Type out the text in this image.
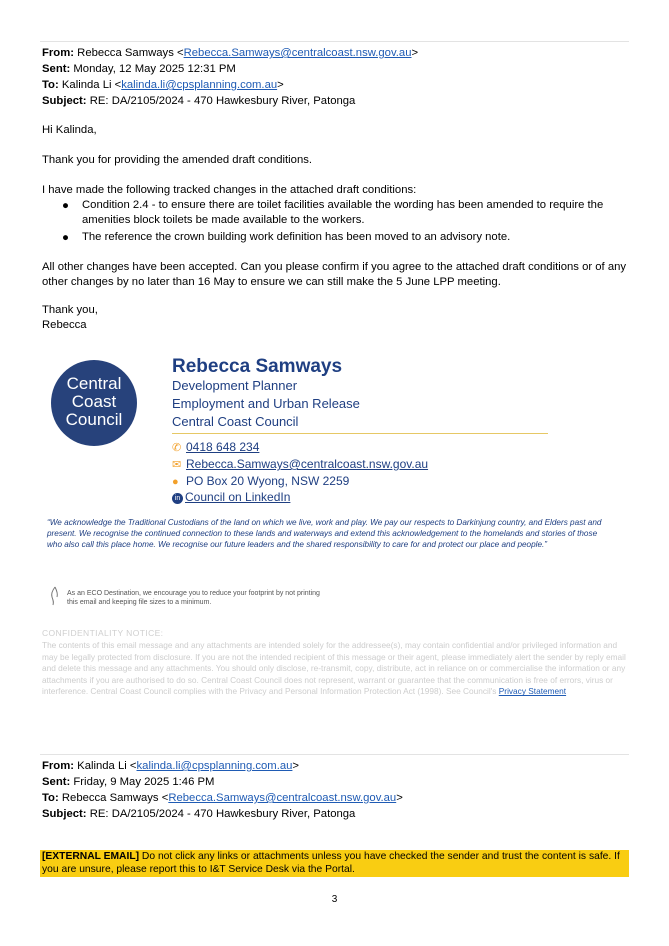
From: Rebecca Samways <Rebecca.Samways@centralcoast.nsw.gov.au>
Sent: Monday, 12 May 2025 12:31 PM
To: Kalinda Li <kalinda.li@cpsplanning.com.au>
Subject: RE: DA/2105/2024 - 470 Hawkesbury River, Patonga
Hi Kalinda,
Thank you for providing the amended draft conditions.
I have made the following tracked changes in the attached draft conditions:
● Condition 2.4 - to ensure there are toilet facilities available the wording has been amended to require the amenities block toilets be made available to the workers.
● The reference the crown building work definition has been moved to an advisory note.
All other changes have been accepted. Can you please confirm if you agree to the attached draft conditions or of any other changes by no later than 16 May to ensure we can still make the 5 June LPP meeting.
Thank you,
Rebecca
Central
Coast
Council
Rebecca Samways
Development Planner
Employment and Urban Release
Central Coast Council
✆ 0418 648 234
✉ Rebecca.Samways@centralcoast.nsw.gov.au
● PO Box 20 Wyong, NSW 2259
in Council on LinkedIn
“We acknowledge the Traditional Custodians of the land on which we live, work and play. We pay our respects to Darkinjung country, and Elders past and present. We recognise the continued connection to these lands and waterways and extend this acknowledgement to the homelands and stories of those who also call this place home. We recognise our future leaders and the shared responsibility to care for and protect our place and people.”
As an ECO Destination, we encourage you to reduce your footprint by not printing
this email and keeping file sizes to a minimum.
CONFIDENTIALITY NOTICE:
The contents of this email message and any attachments are intended solely for the addressee(s), may contain confidential and/or privileged information and may be legally protected from disclosure. If you are not the intended recipient of this message or their agent, please immediately alert the sender by reply email and delete this message and any attachments. You should only disclose, re-transmit, copy, distribute, act in reliance on or commercialise the information or any attachments if you are authorised to do so. Central Coast Council does not represent, warrant or guarantee that the communication is free of errors, virus or interference. Central Coast Council complies with the Privacy and Personal Information Protection Act (1998). See Council's Privacy Statement
From: Kalinda Li <kalinda.li@cpsplanning.com.au>
Sent: Friday, 9 May 2025 1:46 PM
To: Rebecca Samways <Rebecca.Samways@centralcoast.nsw.gov.au>
Subject: RE: DA/2105/2024 - 470 Hawkesbury River, Patonga
[EXTERNAL EMAIL] Do not click any links or attachments unless you have checked the sender and trust the content is safe. If you are unsure, please report this to I&T Service Desk via the Portal.
3
